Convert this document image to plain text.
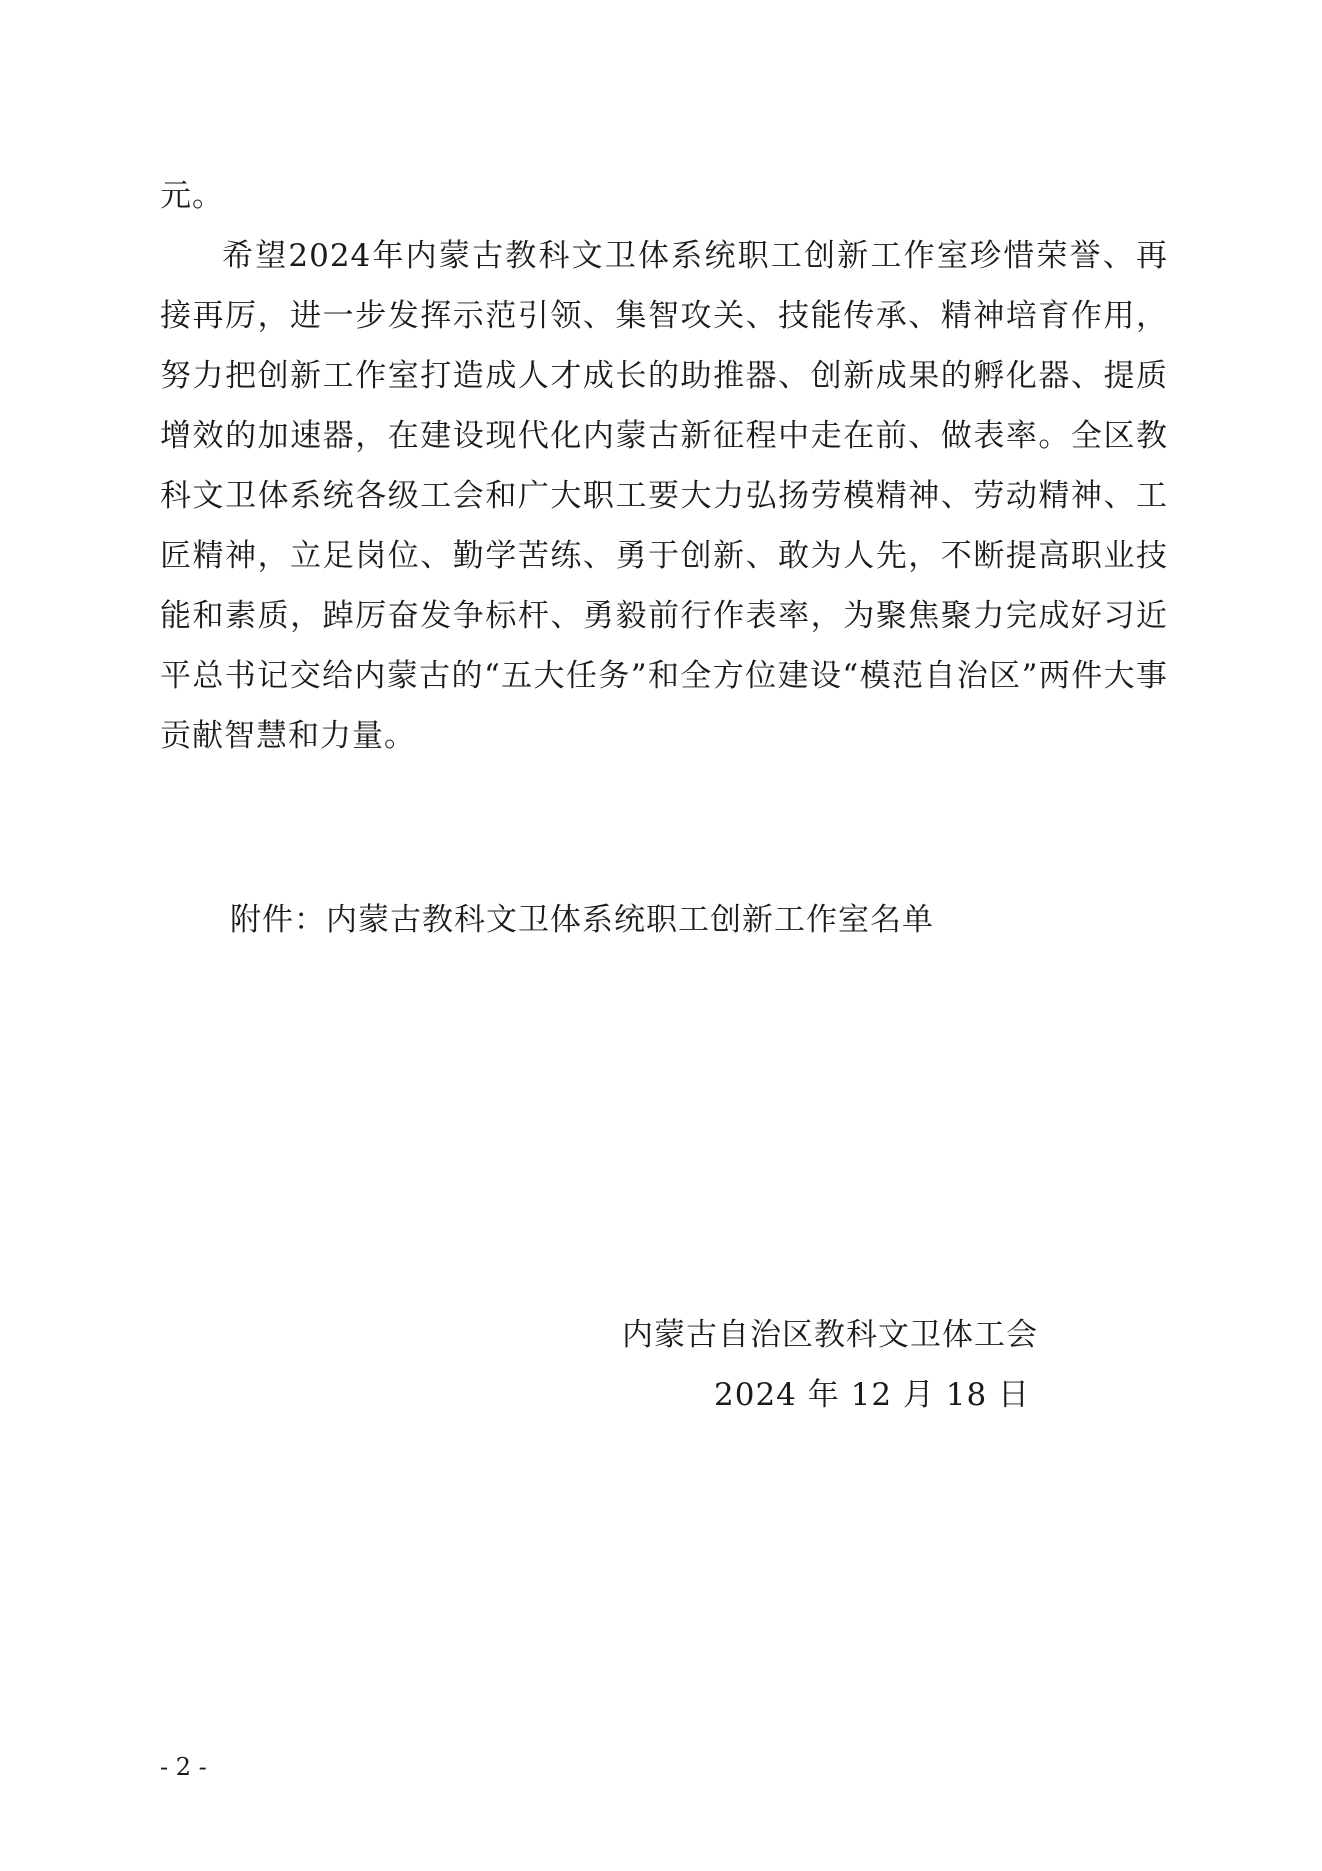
元。
希望2024年内蒙古教科文卫体系统职工创新工作室珍惜荣誉、再接再厉，进一步发挥示范引领、集智攻关、技能传承、精神培育作用，努力把创新工作室打造成人才成长的助推器、创新成果的孵化器、提质增效的加速器，在建设现代化内蒙古新征程中走在前、做表率。全区教科文卫体系统各级工会和广大职工要大力弘扬劳模精神、劳动精神、工匠精神，立足岗位、勤学苦练、勇于创新、敢为人先，不断提高职业技能和素质，踔厉奋发争标杆、勇毅前行作表率，为聚焦聚力完成好习近平总书记交给内蒙古的“五大任务”和全方位建设“模范自治区”两件大事贡献智慧和力量。
附件：内蒙古教科文卫体系统职工创新工作室名单
内蒙古自治区教科文卫体工会
2024 年 12 月 18 日
- 2 -
